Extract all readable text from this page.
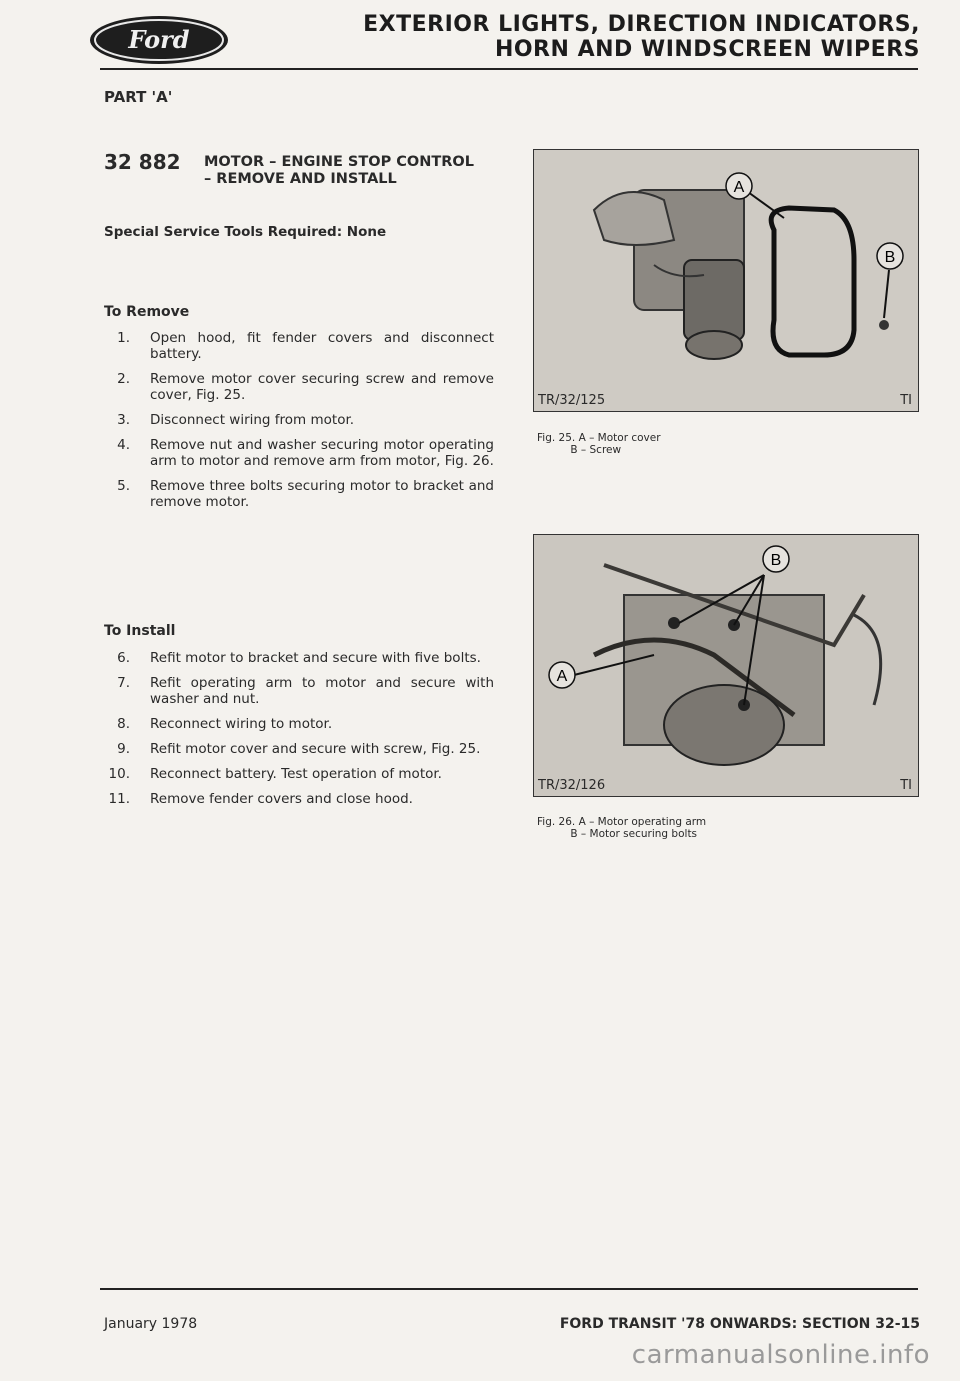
Ford
EXTERIOR LIGHTS, DIRECTION INDICATORS,
HORN AND WINDSCREEN WIPERS
PART 'A'
32 882 MOTOR – ENGINE STOP CONTROL – REMOVE AND INSTALL
Special Service Tools Required: None
To Remove
1. Open hood, fit fender covers and disconnect battery.
2. Remove motor cover securing screw and remove cover, Fig. 25.
3. Disconnect wiring from motor.
4. Remove nut and washer securing motor operating arm to motor and remove arm from motor, Fig. 26.
5. Remove three bolts securing motor to bracket and remove motor.
To Install
6. Refit motor to bracket and secure with five bolts.
7. Refit operating arm to motor and secure with washer and nut.
8. Reconnect wiring to motor.
9. Refit motor cover and secure with screw, Fig. 25.
10. Reconnect battery. Test operation of motor.
11. Remove fender covers and close hood.
A
B
TR/32/125	TI
Fig. 25. A – Motor cover
B – Screw
B
A
TR/32/126	TI
Fig. 26. A – Motor operating arm
B – Motor securing bolts
January 1978	FORD TRANSIT '78 ONWARDS: SECTION 32-15
carmanualsonline.info
